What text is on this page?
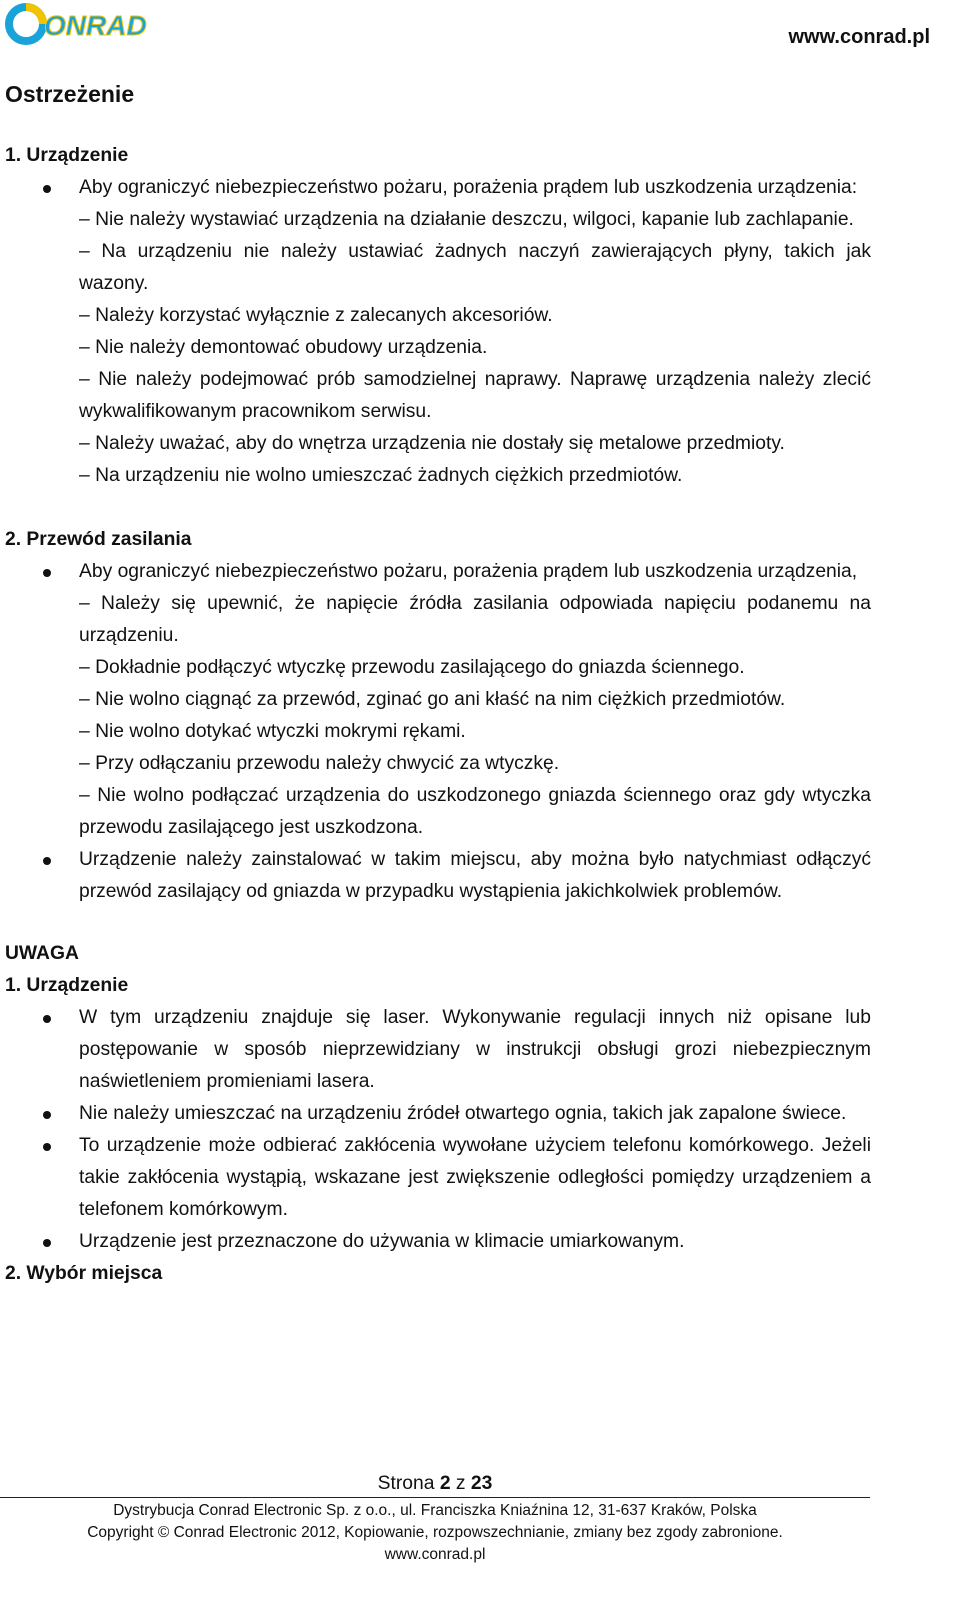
ONRAD	www.conrad.pl
Ostrzeżenie
1. Urządzenie
Aby ograniczyć niebezpieczeństwo pożaru, porażenia prądem lub uszkodzenia urządzenia:
– Nie należy wystawiać urządzenia na działanie deszczu, wilgoci, kapanie lub zachlapanie.
– Na urządzeniu nie należy ustawiać żadnych naczyń zawierających płyny, takich jak wazony.
– Należy korzystać wyłącznie z zalecanych akcesoriów.
– Nie należy demontować obudowy urządzenia.
– Nie należy podejmować prób samodzielnej naprawy. Naprawę urządzenia należy zlecić wykwalifikowanym pracownikom serwisu.
– Należy uważać, aby do wnętrza urządzenia nie dostały się metalowe przedmioty.
– Na urządzeniu nie wolno umieszczać żadnych ciężkich przedmiotów.
2. Przewód zasilania
Aby ograniczyć niebezpieczeństwo pożaru, porażenia prądem lub uszkodzenia urządzenia,
– Należy się upewnić, że napięcie źródła zasilania odpowiada napięciu podanemu na urządzeniu.
– Dokładnie podłączyć wtyczkę przewodu zasilającego do gniazda ściennego.
– Nie wolno ciągnąć za przewód, zginać go ani kłaść na nim ciężkich przedmiotów.
– Nie wolno dotykać wtyczki mokrymi rękami.
– Przy odłączaniu przewodu należy chwycić za wtyczkę.
– Nie wolno podłączać urządzenia do uszkodzonego gniazda ściennego oraz gdy wtyczka przewodu zasilającego jest uszkodzona.
Urządzenie należy zainstalować w takim miejscu, aby można było natychmiast odłączyć przewód zasilający od gniazda w przypadku wystąpienia jakichkolwiek problemów.
UWAGA
1. Urządzenie
W tym urządzeniu znajduje się laser. Wykonywanie regulacji innych niż opisane lub postępowanie w sposób nieprzewidziany w instrukcji obsługi grozi niebezpiecznym naświetleniem promieniami lasera.
Nie należy umieszczać na urządzeniu źródeł otwartego ognia, takich jak zapalone świece.
To urządzenie może odbierać zakłócenia wywołane użyciem telefonu komórkowego. Jeżeli takie zakłócenia wystąpią, wskazane jest zwiększenie odległości pomiędzy urządzeniem a telefonem komórkowym.
Urządzenie jest przeznaczone do używania w klimacie umiarkowanym.
2. Wybór miejsca
Strona 2 z 23
Dystrybucja Conrad Electronic Sp. z o.o., ul. Franciszka Kniaźnina 12, 31-637 Kraków, Polska
Copyright © Conrad Electronic 2012, Kopiowanie, rozpowszechnianie, zmiany bez zgody zabronione.
www.conrad.pl
